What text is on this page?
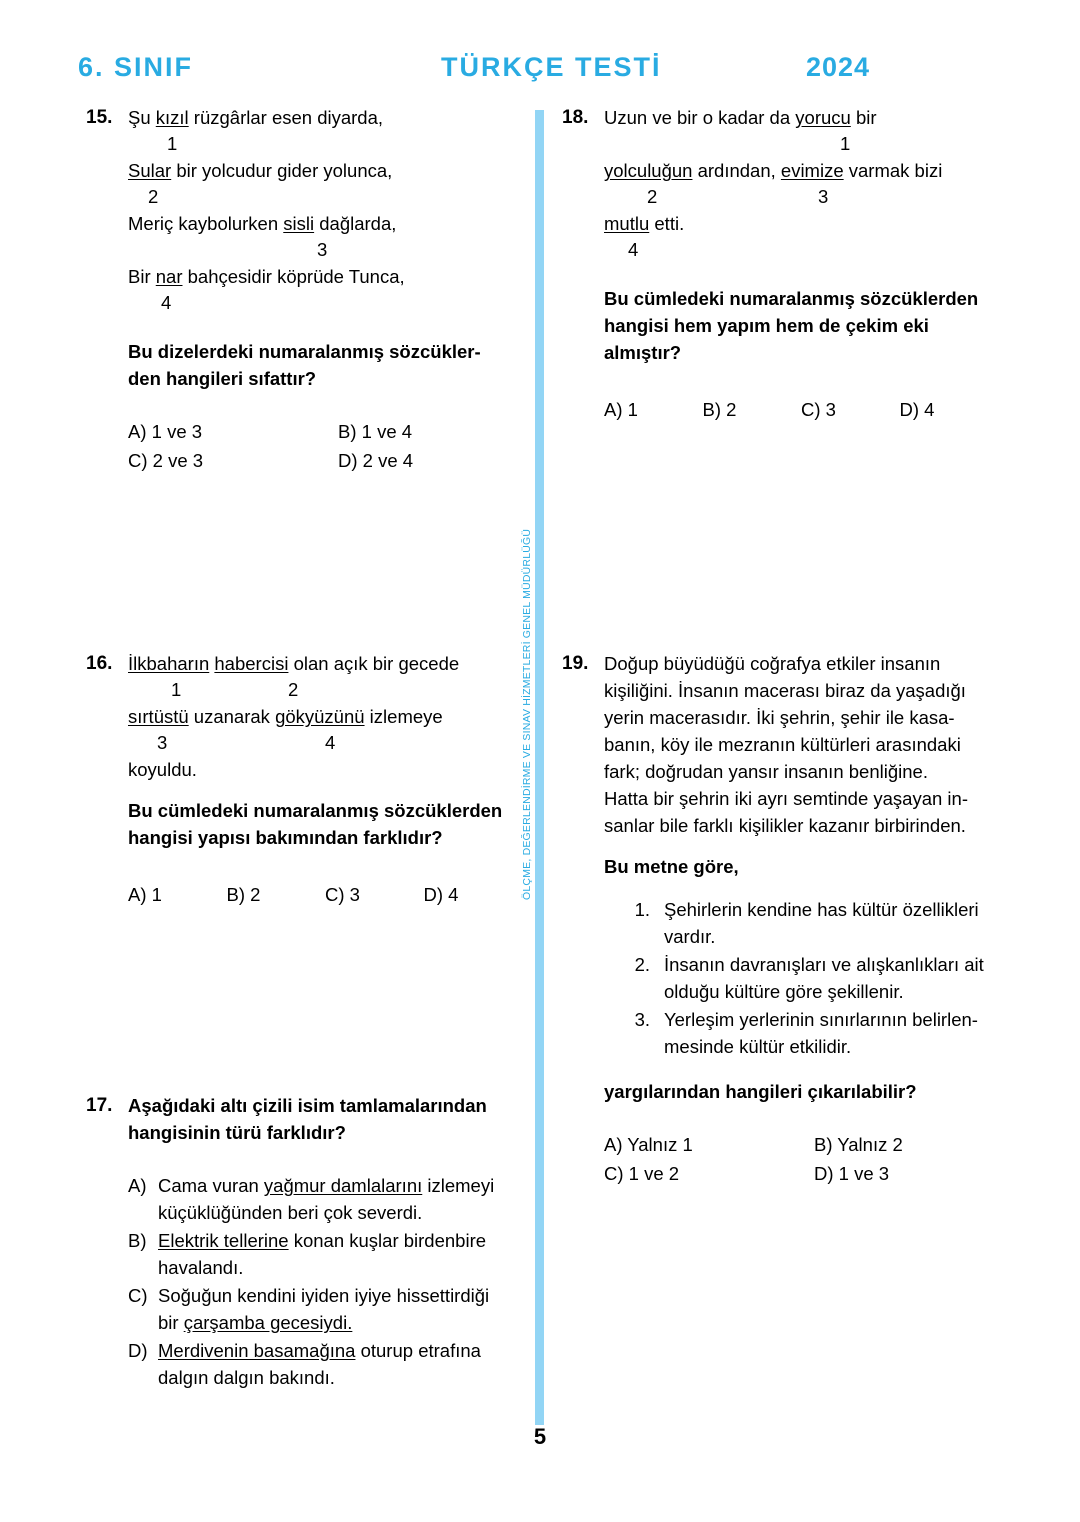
6. SINIF	TÜRKÇE TESTİ	2024
ÖLÇME, DEĞERLENDİRME VE SINAV HİZMETLERİ GENEL MÜDÜRLÜĞÜ
15. Şu kızıl rüzgârlar esen diyarda,
1
Sular bir yolcudur gider yolunca,
2
Meriç kaybolurken sisli dağlarda,
3
Bir nar bahçesidir köprüde Tunca,
4
Bu dizelerdeki numaralanmış sözcükler-
den hangileri sıfattır?
A) 1 ve 3	B) 1 ve 4
C) 2 ve 3	D) 2 ve 4
16. İlkbaharın habercisi olan açık bir gecede
1	2
sırtüstü uzanarak gökyüzünü izlemeye
3	4
koyuldu.
Bu cümledeki numaralanmış sözcüklerden
hangisi yapısı bakımından farklıdır?
A) 1	B) 2	C) 3	D) 4
17. Aşağıdaki altı çizili isim tamlamalarından
hangisinin türü farklıdır?
A) Cama vuran yağmur damlalarını izlemeyi
küçüklüğünden beri çok severdi.
B) Elektrik tellerine konan kuşlar birdenbire
havalandı.
C) Soğuğun kendini iyiden iyiye hissettirdiği
bir çarşamba gecesiydi.
D) Merdivenin basamağına oturup etrafına
dalgın dalgın bakındı.
18. Uzun ve bir o kadar da yorucu bir
1
yolculuğun ardından, evimize varmak bizi
2	3
mutlu etti.
4
Bu cümledeki numaralanmış sözcüklerden
hangisi hem yapım hem de çekim eki
almıştır?
A) 1	B) 2	C) 3	D) 4
19. Doğup büyüdüğü coğrafya etkiler insanın
kişiliğini. İnsanın macerası biraz da yaşadığı
yerin macerasıdır. İki şehrin, şehir ile kasa-
banın, köy ile mezranın kültürleri arasındaki
fark; doğrudan yansır insanın benliğine.
Hatta bir şehrin iki ayrı semtinde yaşayan in-
sanlar bile farklı kişilikler kazanır birbirinden.
Bu metne göre,
1. Şehirlerin kendine has kültür özellikleri
vardır.
2. İnsanın davranışları ve alışkanlıkları ait
olduğu kültüre göre şekillenir.
3. Yerleşim yerlerinin sınırlarının belirlen-
mesinde kültür etkilidir.
yargılarından hangileri çıkarılabilir?
A) Yalnız 1	B) Yalnız 2
C) 1 ve 2	D) 1 ve 3
5
